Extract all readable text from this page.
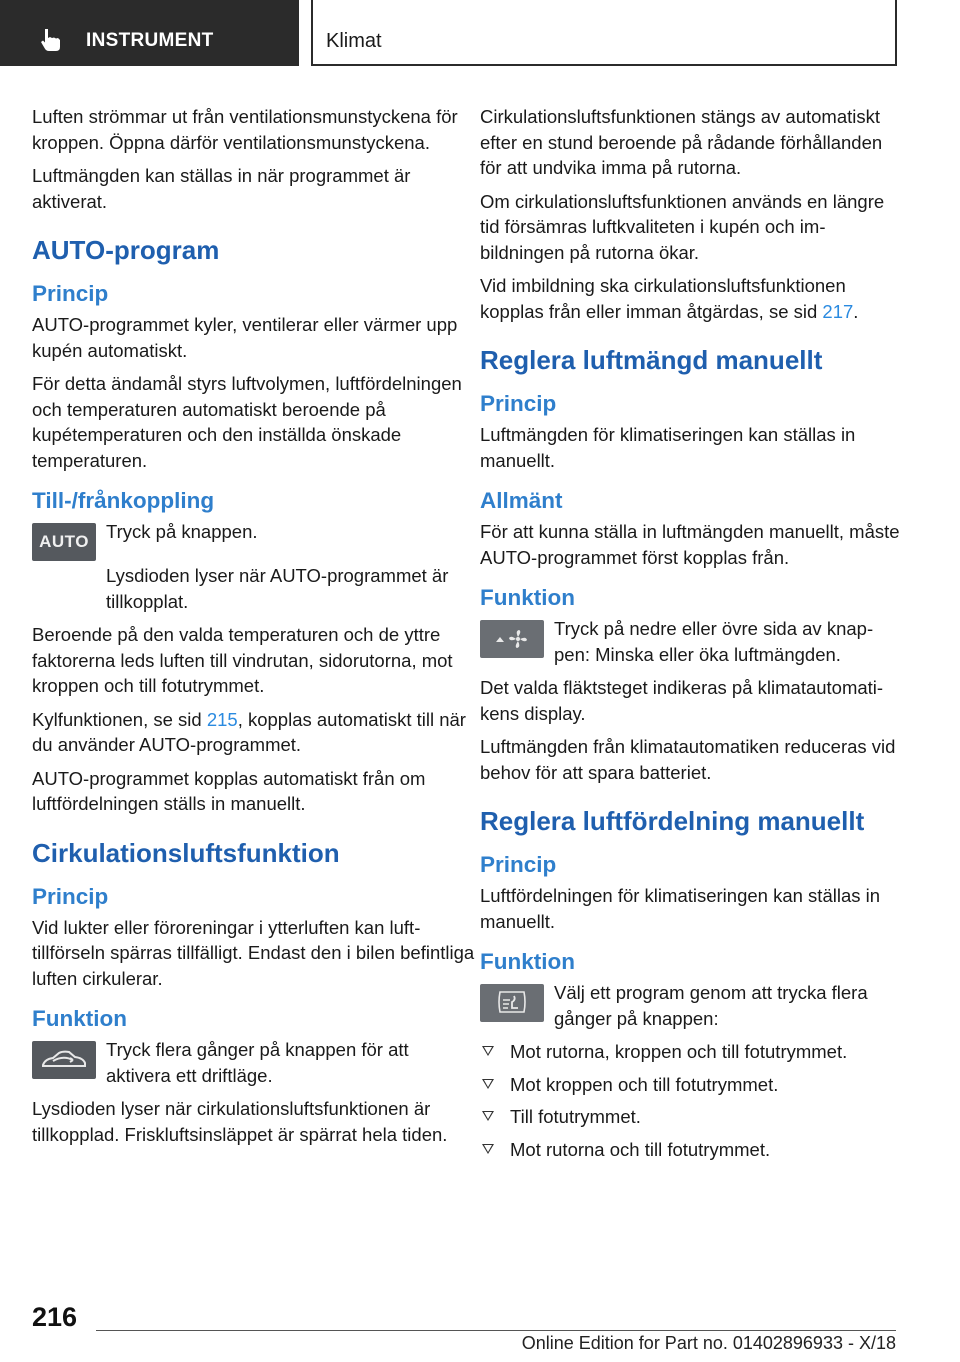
INSTRUMENT	Klimat

Luften strömmar ut från ventilationsmunstyckena för kroppen. Öppna därför ventilationsmunstyckena.

Luftmängden kan ställas in när programmet är aktiverat.

AUTO-program
Princip

AUTO-programmet kyler, ventilerar eller värmer upp kupén automatiskt.

För detta ändamål styrs luftvolymen, luftfördelningen och temperaturen automatiskt beroende på kupétemperaturen och den inställda önskade temperaturen.

Till-/frånkoppling
AUTO Tryck på knappen.

Lysdioden lyser när AUTO-programmet är tillkopplat.

Beroende på den valda temperaturen och de yttre faktorerna leds luften till vindrutan, sidorutorna, mot kroppen och till fotutrymmet.

Kylfunktionen, se sid 215, kopplas automatiskt till när du använder AUTO-programmet.

AUTO-programmet kopplas automatiskt från om luftfördelningen ställs in manuellt.

Cirkulationsluftsfunktion
Princip

Vid lukter eller föroreningar i ytterluften kan lufttillförseln spärras tillfälligt. Endast den i bilen befintliga luften cirkulerar.

Funktion

Tryck flera gånger på knappen för att aktivera ett driftläge.

Lysdioden lyser när cirkulationsluftsfunktionen är tillkopplad. Friskluftsinsläppet är spärrat hela tiden.

Cirkulationsluftsfunktionen stängs av automatiskt efter en stund beroende på rådande förhållanden för att undvika imma på rutorna.

Om cirkulationsluftsfunktionen används en längre tid försämras luftkvaliteten i kupén och imbildningen på rutorna ökar.

Vid imbildning ska cirkulationsluftsfunktionen kopplas från eller imman åtgärdas, se sid 217.

Reglera luftmängd manuellt
Princip

Luftmängden för klimatiseringen kan ställas in manuellt.

Allmänt

För att kunna ställa in luftmängden manuellt, måste AUTO-programmet först kopplas från.

Funktion

Tryck på nedre eller övre sida av knappen: Minska eller öka luftmängden.

Det valda fläktsteget indikeras på klimatautomatikens display.

Luftmängden från klimatautomatiken reduceras vid behov för att spara batteriet.

Reglera luftfördelning manuellt
Princip

Luftfördelningen för klimatiseringen kan ställas in manuellt.

Funktion

Välj ett program genom att trycka flera gånger på knappen:

Mot rutorna, kroppen och till fotutrymmet.
Mot kroppen och till fotutrymmet.
Till fotutrymmet.
Mot rutorna och till fotutrymmet.
216
Online Edition for Part no. 01402896933 - X/18
